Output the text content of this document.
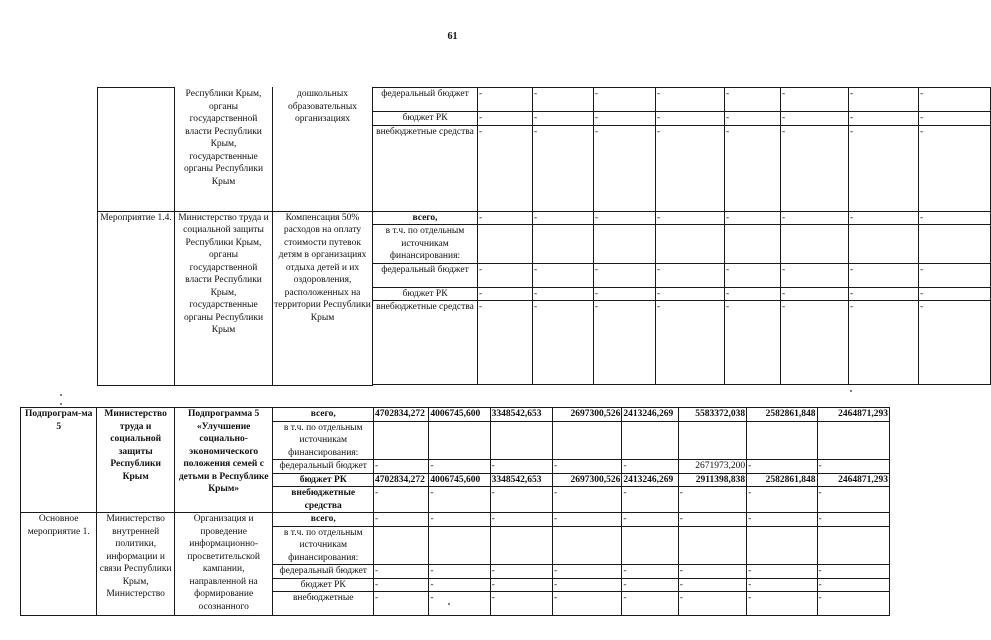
61
	Республики Крым, органы государственной власти Республики Крым, государственные органы Республики Крым	дошкольных образовательных организациях	федеральный бюджет	-	-	-	-	-	-	-	-
			бюджет РК	-	-	-	-	-	-	-	-
			внебюджетные средства	-	-	-	-	-	-	-	-
Мероприятие 1.4.	Министерство труда и социальной защиты Республики Крым, органы государственной власти Республики Крым, государственные органы Республики Крым	Компенсация 50% расходов на оплату стоимости путевок детям в организациях отдыха детей и их оздоровления, расположенных на территории Республики Крым	всего,	-	-	-	-	-	-	-	-
			в т.ч. по отдельным источникам финансирования:								
			федеральный бюджет	-	-	-	-	-	-	-	-
			бюджет РК	-	-	-	-	-	-	-	-
			внебюджетные средства	-	-	-	-	-	-	-	-

Подпрограм-ма 5	Министерство труда и социальной защиты Республики Крым	Подпрограмма 5 «Улучшение социально-экономического положения семей с детьми в Республике Крым»	всего,	4702834,272	4006745,600	3348542,653	2697300,526	2413246,269	5583372,038	2582861,848	2464871,293
			в т.ч. по отдельным источникам финансирования:								
			федеральный бюджет	-	-	-	-	-	2671973,200	-	-
			бюджет РК	4702834,272	4006745,600	3348542,653	2697300,526	2413246,269	2911398,838	2582861,848	2464871,293
			внебюджетные средства	-	-	-	-	-	-	-	-
Основное мероприятие 1.	Министерство внутренней политики, информации и связи Республики Крым, Министерство	Организация и проведение информационно-просветительской кампании, направленной на формирование осознанного	всего,	-	-	-	-	-	-	-	-
			в т.ч. по отдельным источникам финансирования:								
			федеральный бюджет	-	-	-	-	-	-	-	-
			бюджет РК	-	-	-	-	-	-	-	-
			внебюджетные	-	-	-	-	-	-	-	-
